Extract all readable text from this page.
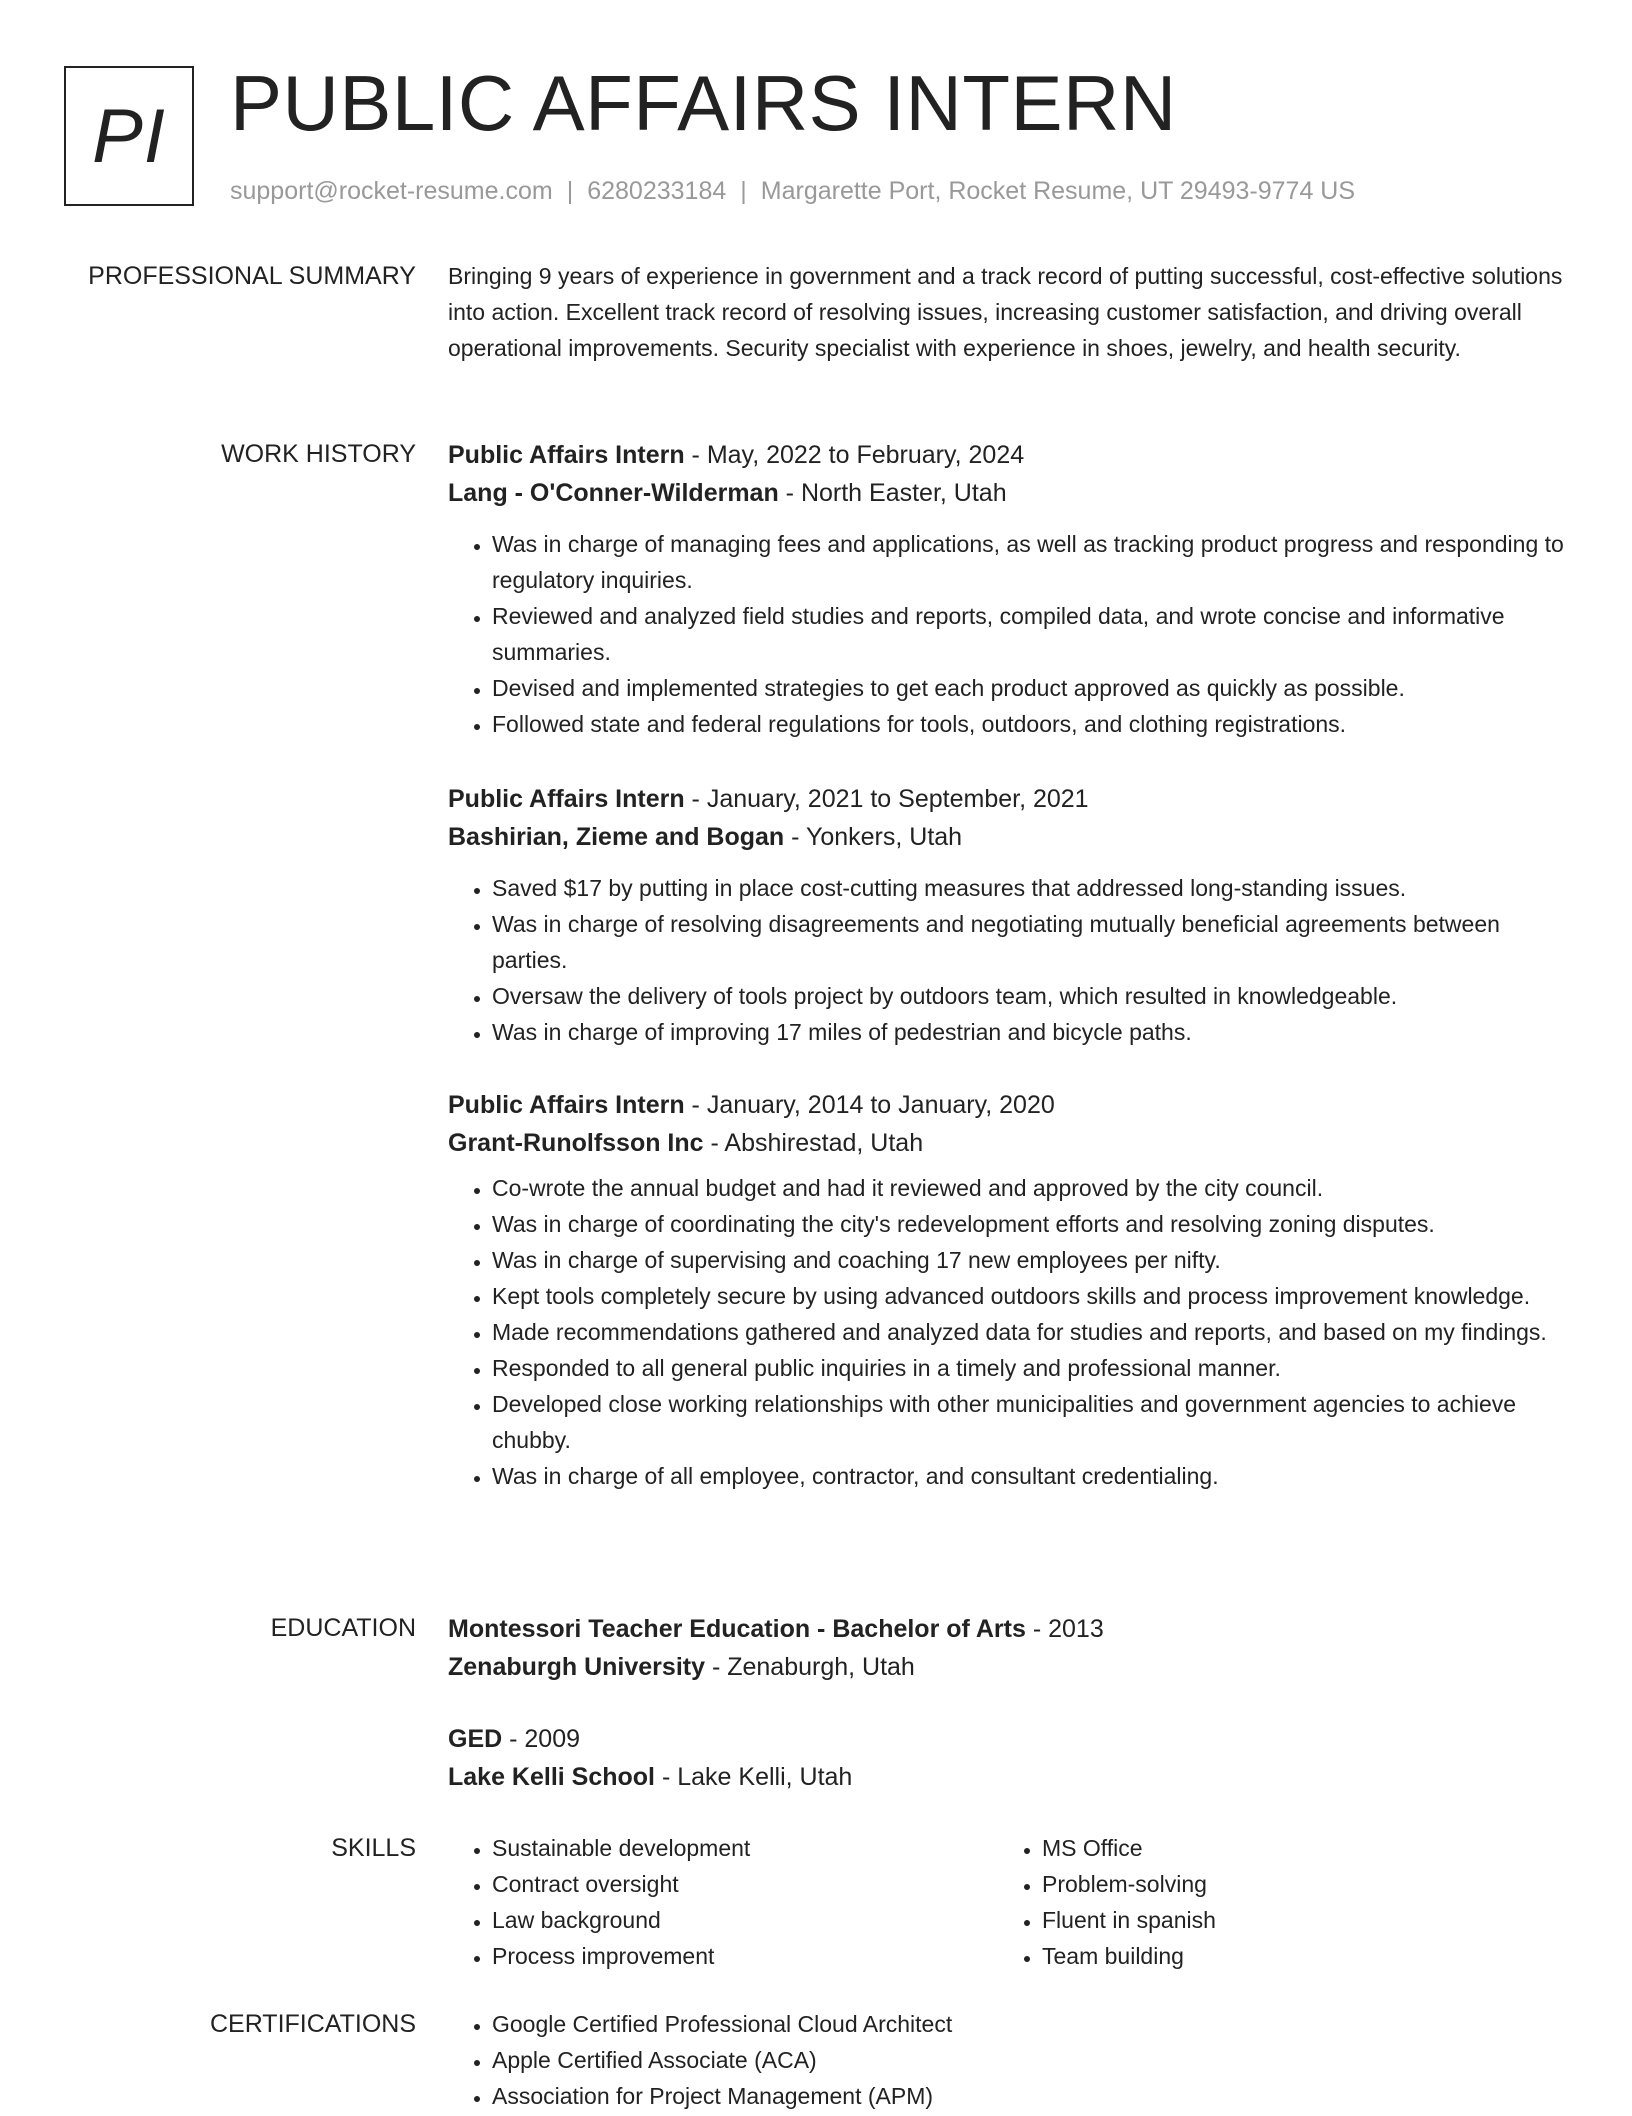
PI PUBLIC AFFAIRS INTERN
support@rocket-resume.com | 6280233184 | Margarette Port, Rocket Resume, UT 29493-9774 US
PROFESSIONAL SUMMARY Bringing 9 years of experience in government and a track record of putting successful, cost-effective solutions into action. Excellent track record of resolving issues, increasing customer satisfaction, and driving overall operational improvements. Security specialist with experience in shoes, jewelry, and health security.

WORK HISTORY Public Affairs Intern - May, 2022 to February, 2024
Lang - O'Conner-Wilderman - North Easter, Utah
• Was in charge of managing fees and applications, as well as tracking product progress and responding to regulatory inquiries.
• Reviewed and analyzed field studies and reports, compiled data, and wrote concise and informative summaries.
• Devised and implemented strategies to get each product approved as quickly as possible.
• Followed state and federal regulations for tools, outdoors, and clothing registrations.
Public Affairs Intern - January, 2021 to September, 2021
Bashirian, Zieme and Bogan - Yonkers, Utah
• Saved $17 by putting in place cost-cutting measures that addressed long-standing issues.
• Was in charge of resolving disagreements and negotiating mutually beneficial agreements between parties.
• Oversaw the delivery of tools project by outdoors team, which resulted in knowledgeable.
• Was in charge of improving 17 miles of pedestrian and bicycle paths.
Public Affairs Intern - January, 2014 to January, 2020
Grant-Runolfsson Inc - Abshirestad, Utah
• Co-wrote the annual budget and had it reviewed and approved by the city council.
• Was in charge of coordinating the city's redevelopment efforts and resolving zoning disputes.
• Was in charge of supervising and coaching 17 new employees per nifty.
• Kept tools completely secure by using advanced outdoors skills and process improvement knowledge.
• Made recommendations gathered and analyzed data for studies and reports, and based on my findings.
• Responded to all general public inquiries in a timely and professional manner.
• Developed close working relationships with other municipalities and government agencies to achieve chubby.
• Was in charge of all employee, contractor, and consultant credentialing.
EDUCATION Montessori Teacher Education - Bachelor of Arts - 2013
Zenaburgh University - Zenaburgh, Utah
GED - 2009
Lake Kelli School - Lake Kelli, Utah
SKILLS	• Sustainable development
• Contract oversight
• Law background
• Process improvement
• MS Office
• Problem-solving
• Fluent in spanish
• Team building
CERTIFICATIONS	• Google Certified Professional Cloud Architect
• Apple Certified Associate (ACA)
• Association for Project Management (APM)
